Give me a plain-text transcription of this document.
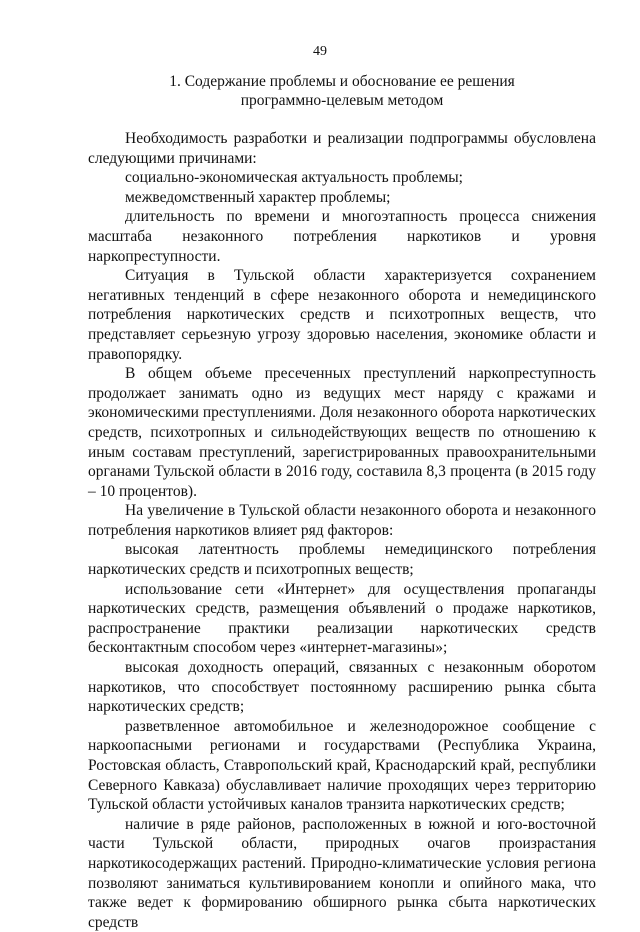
49
1. Содержание проблемы и обоснование ее решения
программно-целевым методом

Необходимость разработки и реализации подпрограммы обусловлена следующими причинами:

социально-экономическая актуальность проблемы;

межведомственный характер проблемы;

длительность по времени и многоэтапность процесса снижения масштаба незаконного потребления наркотиков и уровня наркопреступности.

Ситуация в Тульской области характеризуется сохранением негативных тенденций в сфере незаконного оборота и немедицинского потребления наркотических средств и психотропных веществ, что представляет серьезную угрозу здоровью населения, экономике области и правопорядку.

В общем объеме пресеченных преступлений наркопреступность продолжает занимать одно из ведущих мест наряду с кражами и экономическими преступлениями. Доля незаконного оборота наркотических средств, психотропных и сильнодействующих веществ по отношению к иным составам преступлений, зарегистрированных правоохранительными органами Тульской области в 2016 году, составила 8,3 процента (в 2015 году – 10 процентов).

На увеличение в Тульской области незаконного оборота и незаконного потребления наркотиков влияет ряд факторов:

высокая латентность проблемы немедицинского потребления наркотических средств и психотропных веществ;

использование сети «Интернет» для осуществления пропаганды наркотических средств, размещения объявлений о продаже наркотиков, распространение практики реализации наркотических средств бесконтактным способом через «интернет-магазины»;

высокая доходность операций, связанных с незаконным оборотом наркотиков, что способствует постоянному расширению рынка сбыта наркотических средств;

разветвленное автомобильное и железнодорожное сообщение с наркоопасными регионами и государствами (Республика Украина, Ростовская область, Ставропольский край, Краснодарский край, республики Северного Кавказа) обуславливает наличие проходящих через территорию Тульской области устойчивых каналов транзита наркотических средств;

наличие в ряде районов, расположенных в южной и юго-восточной части Тульской области, природных очагов произрастания наркотикосодержащих растений. Природно-климатические условия региона позволяют заниматься культивированием конопли и опийного мака, что также ведет к формированию обширного рынка сбыта наркотических средств
